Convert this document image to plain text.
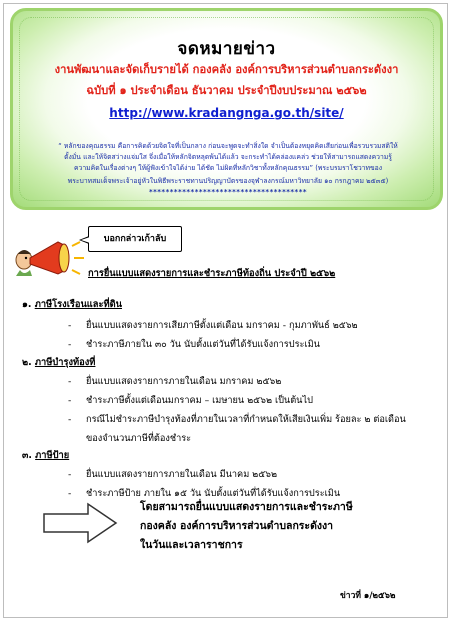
จดหมายข่าว
งานพัฒนาและจัดเก็บรายได้ กองคลัง องค์การบริหารส่วนตำบลกระดังงา
ฉบับที่ ๑ ประจำเดือน ธันวาคม ประจำปีงบประมาณ ๒๕๖๒
http://www.kradangnga.go.th/site/
“ หลักของคุณธรรม คือการคิดด้วยจิตใจที่เป็นกลาง ก่อนจะพูดจะทำสิ่งใด จำเป็นต้องหยุดคิดเสียก่อนเพื่อรวบรวมสติให้
ตั้งมั่น และให้จิตสว่างแจ่มใส จึ่งเมื่อให้หลักจิตหลุดพ้นได้แล้ว จะกระทำได้คล่องแคล่ว ช่วยให้สามารถแสดงความรู้
ความคิดในเรื่องต่างๆ ให้ผู้ฟังเข้าใจได้ง่าย ได้ชัด ไม่ผิดที่หลักวิชาทั้งหลักคุณธรรม” (พระบรมราโชวาทของ
พระบาทสมเด็จพระเจ้าอยู่หัวในพิธีพระราชทานปริญญาบัตรของจุฬาลงกรณ์มหาวิทยาลัย ๑๐ กรกฎาคม ๒๕๓๕)
**************************************
บอกกล่าวเก้าลับ
การยื่นแบบแสดงรายการและชำระภาษีท้องถิ่น ประจำปี ๒๕๖๒
๑. ภาษีโรงเรือนและที่ดิน
- ยื่นแบบแสดงรายการเสียภาษีตั้งแต่เดือน มกราคม - กุมภาพันธ์ ๒๕๖๒
- ชำระภาษีภายใน ๓๐ วัน นับตั้งแต่วันที่ได้รับแจ้งการประเมิน
๒. ภาษีบำรุงท้องที่
- ยื่นแบบแสดงรายการภายในเดือน มกราคม ๒๕๖๒
- ชำระภาษีตั้งแต่เดือนมกราคม – เมษายน ๒๕๖๒ เป็นต้นไป
- กรณีไม่ชำระภาษีบำรุงท้องที่ภายในเวลาที่กำหนดให้เสียเงินเพิ่ม ร้อยละ ๒ ต่อเดือน
ของจำนวนภาษีที่ต้องชำระ
๓. ภาษีป้าย
- ยื่นแบบแสดงรายการภายในเดือน มีนาคม ๒๕๖๒
- ชำระภาษีป้าย ภายใน ๑๕ วัน นับตั้งแต่วันที่ได้รับแจ้งการประเมิน
โดยสามารถยื่นแบบแสดงรายการและชำระภาษี
กองคลัง องค์การบริหารส่วนตำบลกระดังงา
ในวันและเวลาราชการ
ข่าวที่ ๑/๒๕๖๒
